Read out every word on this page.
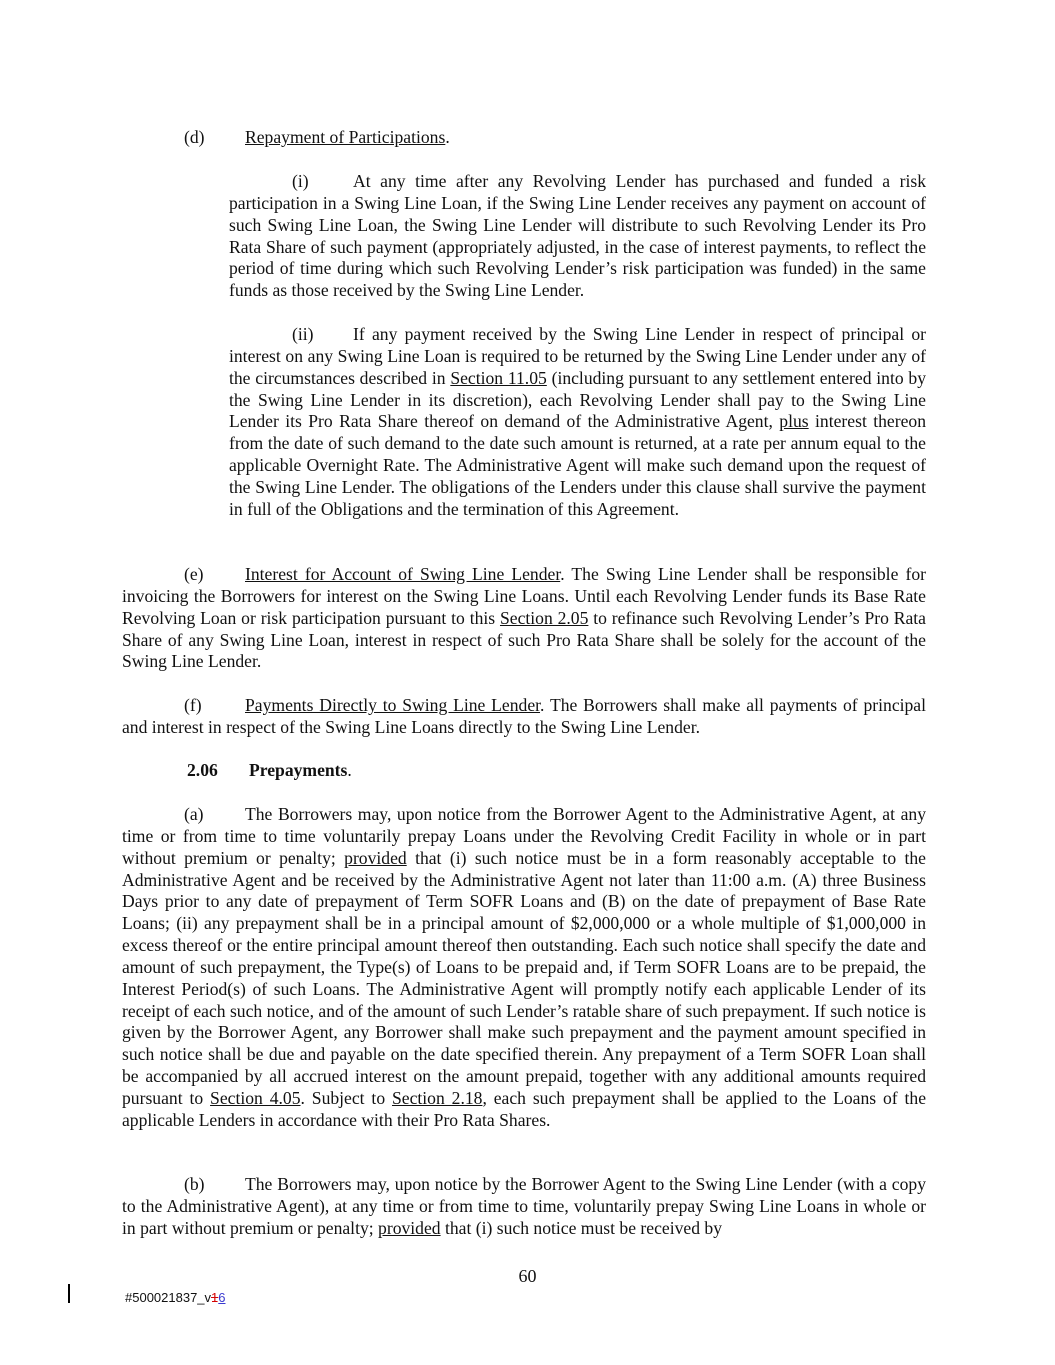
(d) Repayment of Participations.

(i)	At any time after any Revolving Lender has purchased and funded a risk participation in a Swing Line Loan, if the Swing Line Lender receives any payment on account of such Swing Line Loan, the Swing Line Lender will distribute to such Revolving Lender its Pro Rata Share of such payment (appropriately adjusted, in the case of interest payments, to reflect the period of time during which such Revolving Lender’s risk participation was funded) in the same funds as those received by the Swing Line Lender.

(ii) If any payment received by the Swing Line Lender in respect of principal or interest on any Swing Line Loan is required to be returned by the Swing Line Lender under any of the circumstances described in Section 11.05 (including pursuant to any settlement entered into by the Swing Line Lender in its discretion), each Revolving Lender shall pay to the Swing Line Lender its Pro Rata Share thereof on demand of the Administrative Agent, plus interest thereon from the date of such demand to the date such amount is returned, at a rate per annum equal to the applicable Overnight Rate. The Administrative Agent will make such demand upon the request of the Swing Line Lender. The obligations of the Lenders under this clause shall survive the payment in full of the Obligations and the termination of this Agreement.

(e) Interest for Account of Swing Line Lender. The Swing Line Lender shall be responsible for invoicing the Borrowers for interest on the Swing Line Loans. Until each Revolving Lender funds its Base Rate Revolving Loan or risk participation pursuant to this Section 2.05 to refinance such Revolving Lender’s Pro Rata Share of any Swing Line Loan, interest in respect of such Pro Rata Share shall be solely for the account of the Swing Line Lender.

(f) Payments Directly to Swing Line Lender. The Borrowers shall make all payments of principal and interest in respect of the Swing Line Loans directly to the Swing Line Lender.

2.06 Prepayments.

(a) The Borrowers may, upon notice from the Borrower Agent to the Administrative Agent, at any time or from time to time voluntarily prepay Loans under the Revolving Credit Facility in whole or in part without premium or penalty; provided that (i) such notice must be in a form reasonably acceptable to the Administrative Agent and be received by the Administrative Agent not later than 11:00 a.m. (A) three Business Days prior to any date of prepayment of Term SOFR Loans and (B) on the date of prepayment of Base Rate Loans; (ii) any prepayment shall be in a principal amount of $2,000,000 or a whole multiple of $1,000,000 in excess thereof or the entire principal amount thereof then outstanding. Each such notice shall specify the date and amount of such prepayment, the Type(s) of Loans to be prepaid and, if Term SOFR Loans are to be prepaid, the Interest Period(s) of such Loans. The Administrative Agent will promptly notify each applicable Lender of its receipt of each such notice, and of the amount of such Lender’s ratable share of such prepayment. If such notice is given by the Borrower Agent, any Borrower shall make such prepayment and the payment amount specified in such notice shall be due and payable on the date specified therein. Any prepayment of a Term SOFR Loan shall be accompanied by all accrued interest on the amount prepaid, together with any additional amounts required pursuant to Section 4.05. Subject to Section 2.18, each such prepayment shall be applied to the Loans of the applicable Lenders in accordance with their Pro Rata Shares.

(b) The Borrowers may, upon notice by the Borrower Agent to the Swing Line Lender (with a copy to the Administrative Agent), at any time or from time to time, voluntarily prepay Swing Line Loans in whole or in part without premium or penalty; provided that (i) such notice must be received by

60
#500021837_v16
